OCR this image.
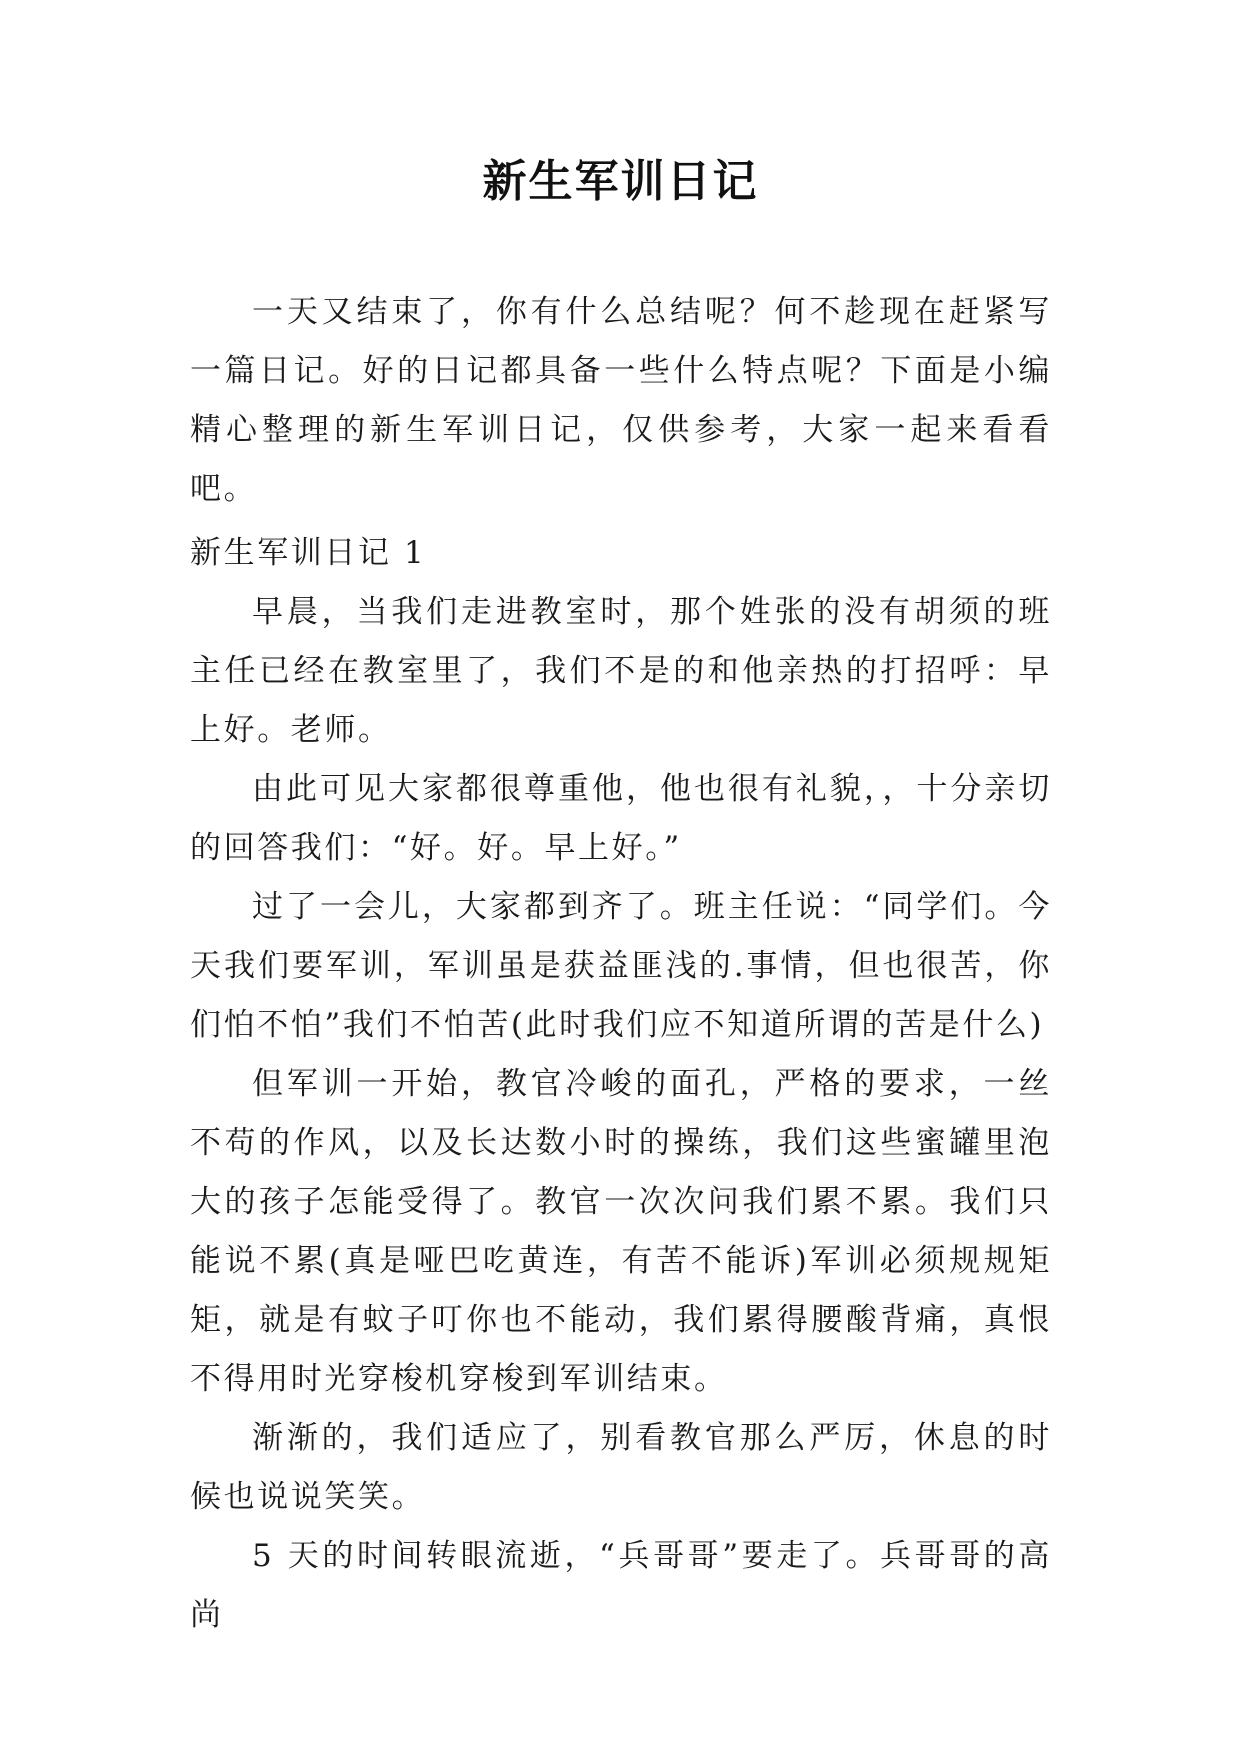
新生军训日记

一天又结束了，你有什么总结呢？何不趁现在赶紧写一篇日记。好的日记都具备一些什么特点呢？下面是小编精心整理的新生军训日记，仅供参考，大家一起来看看吧。

新生军训日记 1

早晨，当我们走进教室时，那个姓张的没有胡须的班主任已经在教室里了，我们不是的和他亲热的打招呼：早上好。老师。

由此可见大家都很尊重他，他也很有礼貌，，十分亲切的回答我们：“好。好。早上好。”

过了一会儿，大家都到齐了。班主任说：“同学们。今天我们要军训，军训虽是获益匪浅的.事情，但也很苦，你们怕不怕”我们不怕苦(此时我们应不知道所谓的苦是什么)

但军训一开始，教官冷峻的面孔，严格的要求，一丝不苟的作风，以及长达数小时的操练，我们这些蜜罐里泡大的孩子怎能受得了。教官一次次问我们累不累。我们只能说不累(真是哑巴吃黄连，有苦不能诉)军训必须规规矩矩，就是有蚊子叮你也不能动，我们累得腰酸背痛，真恨不得用时光穿梭机穿梭到军训结束。

渐渐的，我们适应了，别看教官那么严厉，休息的时候也说说笑笑。

5 天的时间转眼流逝，“兵哥哥”要走了。兵哥哥的高尚
